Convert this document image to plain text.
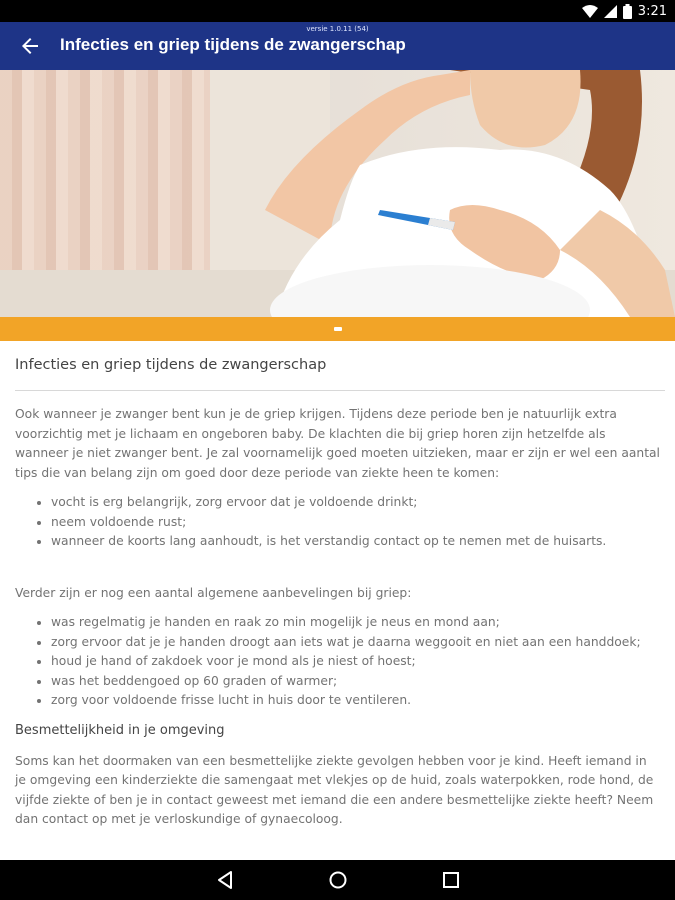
3:21
versie 1.0.11 (54)
Infecties en griep tijdens de zwangerschap
Infecties en griep tijdens de zwangerschap

Ook wanneer je zwanger bent kun je de griep krijgen. Tijdens deze periode ben je natuurlijk extra voorzichtig met je lichaam en ongeboren baby. De klachten die bij griep horen zijn hetzelfde als wanneer je niet zwanger bent. Je zal voornamelijk goed moeten uitzieken, maar er zijn er wel een aantal tips die van belang zijn om goed door deze periode van ziekte heen te komen:

• vocht is erg belangrijk, zorg ervoor dat je voldoende drinkt;
• neem voldoende rust;
• wanneer de koorts lang aanhoudt, is het verstandig contact op te nemen met de huisarts.

Verder zijn er nog een aantal algemene aanbevelingen bij griep:

• was regelmatig je handen en raak zo min mogelijk je neus en mond aan;
• zorg ervoor dat je je handen droogt aan iets wat je daarna weggooit en niet aan een handdoek;
• houd je hand of zakdoek voor je mond als je niest of hoest;
• was het beddengoed op 60 graden of warmer;
• zorg voor voldoende frisse lucht in huis door te ventileren.
Besmettelijkheid in je omgeving

Soms kan het doormaken van een besmettelijke ziekte gevolgen hebben voor je kind. Heeft iemand in je omgeving een kinderziekte die samengaat met vlekjes op de huid, zoals waterpokken, rode hond, de vijfde ziekte of ben je in contact geweest met iemand die een andere besmettelijke ziekte heeft? Neem dan contact op met je verloskundige of gynaecoloog.
